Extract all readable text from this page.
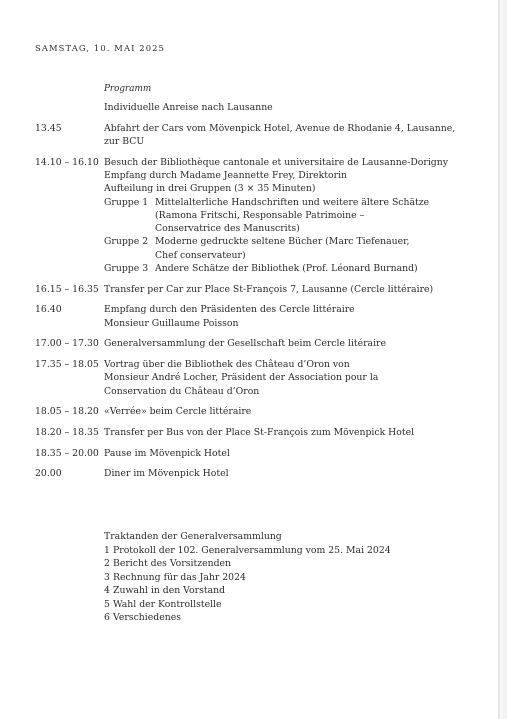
SAMSTAG, 10. MAI 2025
Programm
Individuelle Anreise nach Lausanne
13.45	Abfahrt der Cars vom Mövenpick Hotel, Avenue de Rhodanie 4, Lausanne,
zur BCU
14.10 – 16.10 Besuch der Bibliothèque cantonale et universitaire de Lausanne-Dorigny
Empfang durch Madame Jeannette Frey, Direktorin
Aufteilung in drei Gruppen (3 × 35 Minuten)
Gruppe 1 Mittelalterliche Handschriften und weitere ältere Schätze
(Ramona Fritschi, Responsable Patrimoine –
Conservatrice des Manuscrits)
Gruppe 2 Moderne gedruckte seltene Bücher (Marc Tiefenauer,
Chef conservateur)
Gruppe 3 Andere Schätze der Bibliothek (Prof. Léonard Burnand)
16.15 – 16.35 Transfer per Car zur Place St-François 7, Lausanne (Cercle littéraire)
16.40	Empfang durch den Präsidenten des Cercle littéraire
Monsieur Guillaume Poisson
17.00 – 17.30 Generalversammlung der Gesellschaft beim Cercle litéraire
17.35 – 18.05 Vortrag über die Bibliothek des Château d’Oron von
Monsieur André Locher, Präsident der Association pour la
Conservation du Château d’Oron
18.05 – 18.20 «Verrée» beim Cercle littéraire
18.20 – 18.35 Transfer per Bus von der Place St-François zum Mövenpick Hotel
18.35 – 20.00 Pause im Mövenpick Hotel
20.00	Diner im Mövenpick Hotel
Traktanden der Generalversammlung
1 Protokoll der 102. Generalversammlung vom 25. Mai 2024
2 Bericht des Vorsitzenden
3 Rechnung für das Jahr 2024
4 Zuwahl in den Vorstand
5 Wahl der Kontrollstelle
6 Verschiedenes
